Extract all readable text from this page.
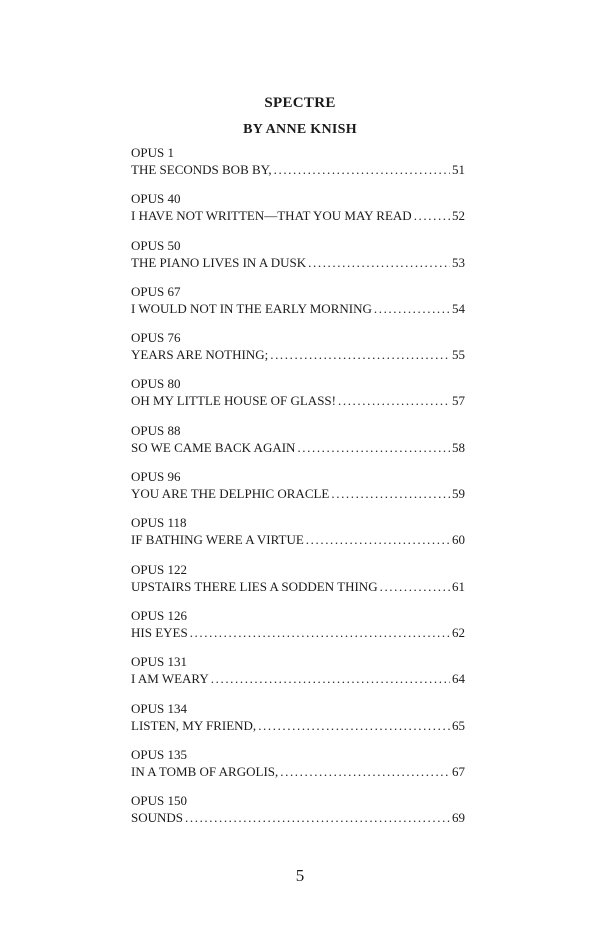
SPECTRE
BY ANNE KNISH
OPUS 1
THE SECONDS BOB BY, .....	51
OPUS 40
I HAVE NOT WRITTEN—THAT YOU MAY READ .....	52
OPUS 50
THE PIANO LIVES IN A DUSK .....	53
OPUS 67
I WOULD NOT IN THE EARLY MORNING .....	54
OPUS 76
YEARS ARE NOTHING; .....	55
OPUS 80
OH MY LITTLE HOUSE OF GLASS! .....	57
OPUS 88
SO WE CAME BACK AGAIN .....	58
OPUS 96
YOU ARE THE DELPHIC ORACLE .....	59
OPUS 118
IF BATHING WERE A VIRTUE .....	60
OPUS 122
UPSTAIRS THERE LIES A SODDEN THING .....	61
OPUS 126
HIS EYES .....	62
OPUS 131
I AM WEARY .....	64
OPUS 134
LISTEN, MY FRIEND, .....	65
OPUS 135
IN A TOMB OF ARGOLIS, .....	67
OPUS 150
SOUNDS .....	69
5
